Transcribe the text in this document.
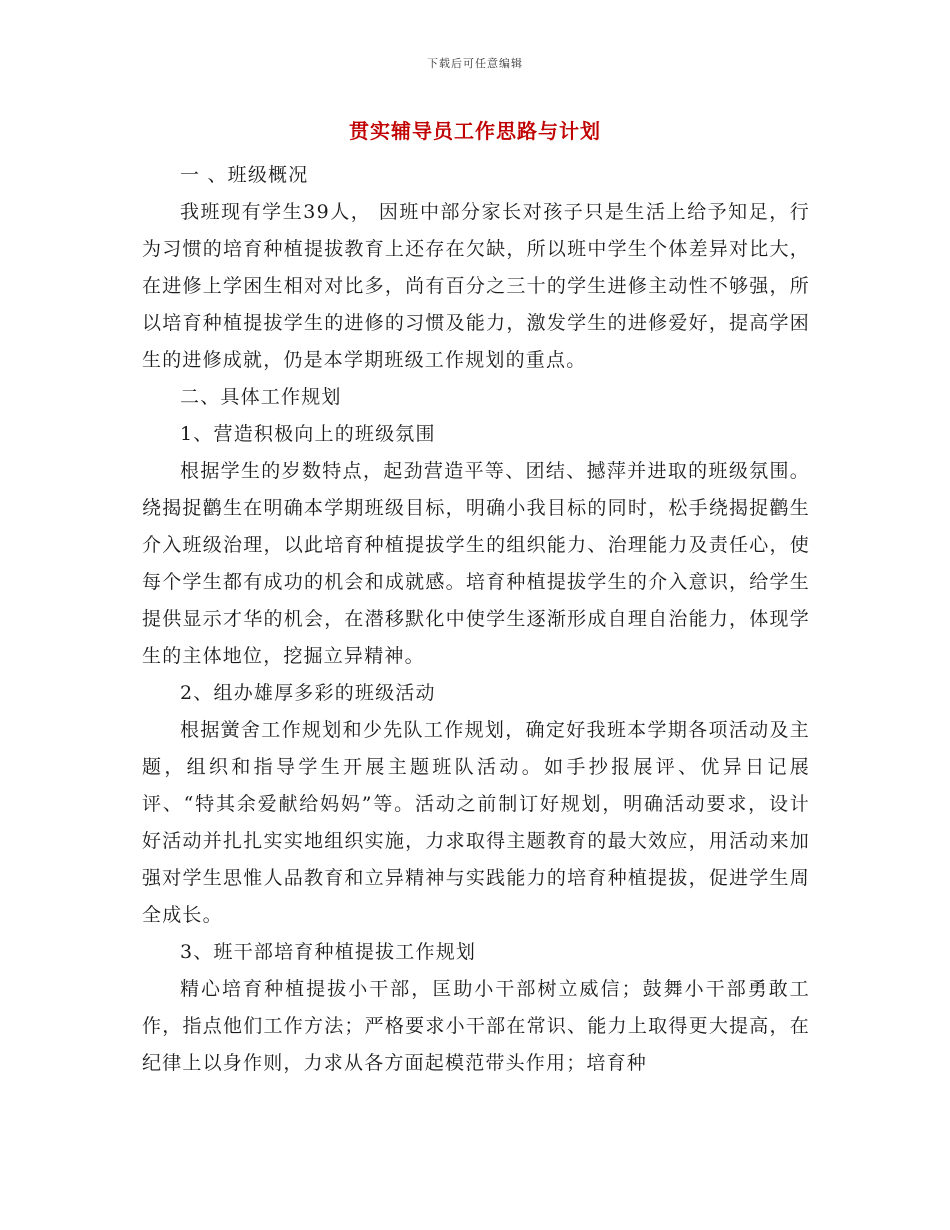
下载后可任意编辑
贯实辅导员工作思路与计划

一 、班级概况

我班现有学生39人， 因班中部分家长对孩子只是生活上给予知足，行为习惯的培育种植提拔教育上还存在欠缺，所以班中学生个体差异对比大，在进修上学困生相对对比多，尚有百分之三十的学生进修主动性不够强，所以培育种植提拔学生的进修的习惯及能力，激发学生的进修爱好，提高学困生的进修成就，仍是本学期班级工作规划的重点。

二、具体工作规划

1、营造积极向上的班级氛围

根据学生的岁数特点，起劲营造平等、团结、撼萍并进取的班级氛围。绕揭捉鹳生在明确本学期班级目标，明确小我目标的同时，松手绕揭捉鹳生介入班级治理，以此培育种植提拔学生的组织能力、治理能力及责任心，使每个学生都有成功的机会和成就感。培育种植提拔学生的介入意识，给学生提供显示才华的机会，在潜移默化中使学生逐渐形成自理自治能力，体现学生的主体地位，挖掘立异精神。

2、组办雄厚多彩的班级活动

根据黉舍工作规划和少先队工作规划，确定好我班本学期各项活动及主题，组织和指导学生开展主题班队活动。如手抄报展评、优异日记展评、“特其余爱献给妈妈”等。活动之前制订好规划，明确活动要求，设计好活动并扎扎实实地组织实施，力求取得主题教育的最大效应，用活动来加强对学生思惟人品教育和立异精神与实践能力的培育种植提拔，促进学生周全成长。

3、班干部培育种植提拔工作规划

精心培育种植提拔小干部，匡助小干部树立威信；鼓舞小干部勇敢工作，指点他们工作方法；严格要求小干部在常识、能力上取得更大提高，在纪律上以身作则，力求从各方面起模范带头作用；培育种
